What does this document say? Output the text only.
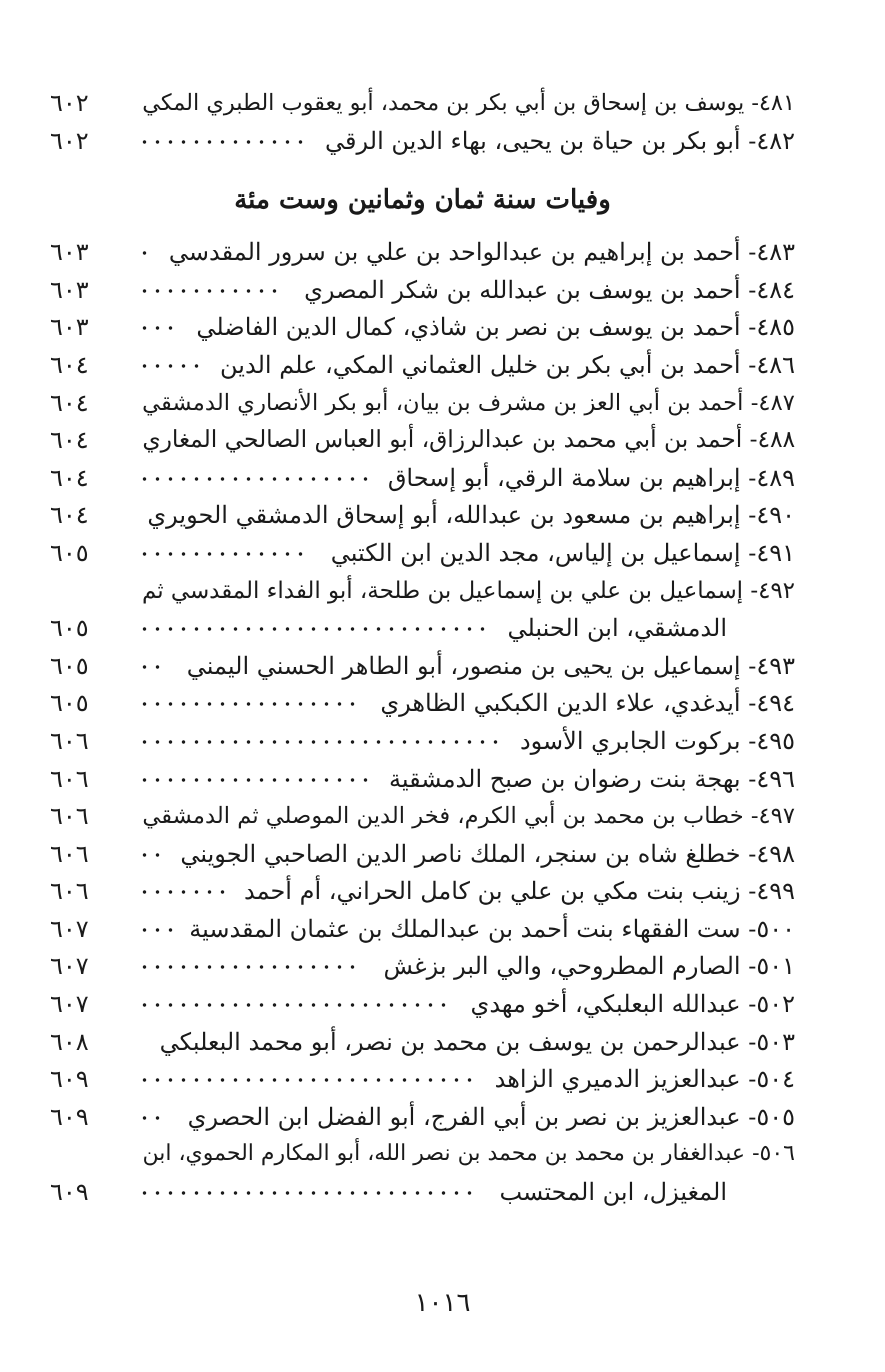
٤٨١- يوسف بن إسحاق بن أبي بكر بن محمد، أبو يعقوب الطبري المكي
٦٠٢
٤٨٢- أبو بكر بن حياة بن يحيى، بهاء الدين الرقي
٦٠٢
وفيات سنة ثمان وثمانين وست مئة
٤٨٣- أحمد بن إبراهيم بن عبدالواحد بن علي بن سرور المقدسي
٦٠٣
٤٨٤- أحمد بن يوسف بن عبدالله بن شكر المصري
٦٠٣
٤٨٥- أحمد بن يوسف بن نصر بن شاذي، كمال الدين الفاضلي
٦٠٣
٤٨٦- أحمد بن أبي بكر بن خليل العثماني المكي، علم الدين
٦٠٤
٤٨٧- أحمد بن أبي العز بن مشرف بن بيان، أبو بكر الأنصاري الدمشقي
٦٠٤
٤٨٨- أحمد بن أبي محمد بن عبدالرزاق، أبو العباس الصالحي المغاري
٦٠٤
٤٨٩- إبراهيم بن سلامة الرقي، أبو إسحاق
٦٠٤
٤٩٠- إبراهيم بن مسعود بن عبدالله، أبو إسحاق الدمشقي الحويري
٦٠٤
٤٩١- إسماعيل بن إلياس، مجد الدين ابن الكتبي
٦٠٥
٤٩٢- إسماعيل بن علي بن إسماعيل بن طلحة، أبو الفداء المقدسي ثم
الدمشقي، ابن الحنبلي
٦٠٥
٤٩٣- إسماعيل بن يحيى بن منصور، أبو الطاهر الحسني اليمني
٦٠٥
٤٩٤- أيدغدي، علاء الدين الكبكبي الظاهري
٦٠٥
٤٩٥- بركوت الجابري الأسود
٦٠٦
٤٩٦- بهجة بنت رضوان بن صبح الدمشقية
٦٠٦
٤٩٧- خطاب بن محمد بن أبي الكرم، فخر الدين الموصلي ثم الدمشقي
٦٠٦
٤٩٨- خطلغ شاه بن سنجر، الملك ناصر الدين الصاحبي الجويني
٦٠٦
٤٩٩- زينب بنت مكي بن علي بن كامل الحراني، أم أحمد
٦٠٦
٥٠٠- ست الفقهاء بنت أحمد بن عبدالملك بن عثمان المقدسية
٦٠٧
٥٠١- الصارم المطروحي، والي البر بزغش
٦٠٧
٥٠٢- عبدالله البعلبكي، أخو مهدي
٦٠٧
٥٠٣- عبدالرحمن بن يوسف بن محمد بن نصر، أبو محمد البعلبكي
٦٠٨
٥٠٤- عبدالعزيز الدميري الزاهد
٦٠٩
٥٠٥- عبدالعزيز بن نصر بن أبي الفرج، أبو الفضل ابن الحصري
٦٠٩
٥٠٦- عبدالغفار بن محمد بن محمد بن نصر الله، أبو المكارم الحموي، ابن
المغيزل، ابن المحتسب
٦٠٩
١٠١٦
